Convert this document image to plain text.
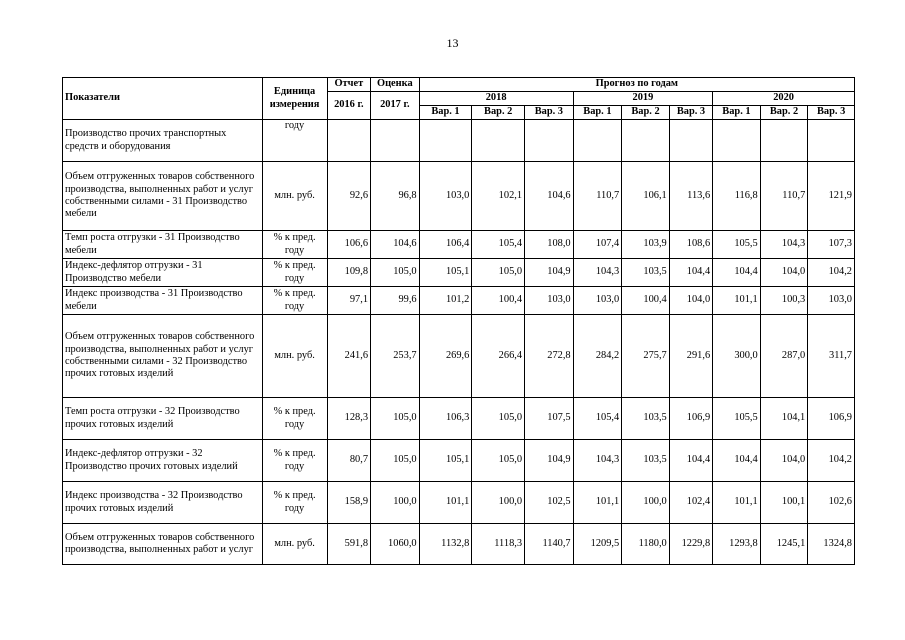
13
Показатели	Единица измерения	Отчет	Оценка	Прогноз по годам								
		2016 г.	2017 г.	2018			2019			2020		
				Вар. 1	Вар. 2	Вар. 3	Вар. 1	Вар. 2	Вар. 3	Вар. 1	Вар. 2	Вар. 3
Производство прочих транспортных средств и оборудования	году											
Объем отгруженных товаров собственного производства, выполненных работ и услуг собственными силами - 31 Производство мебели	млн. руб.	92,6	96,8	103,0	102,1	104,6	110,7	106,1	113,6	116,8	110,7	121,9
Темп роста отгрузки - 31 Производство мебели	% к пред. году	106,6	104,6	106,4	105,4	108,0	107,4	103,9	108,6	105,5	104,3	107,3
Индекс-дефлятор отгрузки - 31 Производство мебели	% к пред. году	109,8	105,0	105,1	105,0	104,9	104,3	103,5	104,4	104,4	104,0	104,2
Индекс производства - 31 Производство мебели	% к пред. году	97,1	99,6	101,2	100,4	103,0	103,0	100,4	104,0	101,1	100,3	103,0
Объем отгруженных товаров собственного производства, выполненных работ и услуг собственными силами - 32 Производство прочих готовых изделий	млн. руб.	241,6	253,7	269,6	266,4	272,8	284,2	275,7	291,6	300,0	287,0	311,7
Темп роста отгрузки - 32 Производство прочих готовых изделий	% к пред. году	128,3	105,0	106,3	105,0	107,5	105,4	103,5	106,9	105,5	104,1	106,9
Индекс-дефлятор отгрузки - 32 Производство прочих готовых изделий	% к пред. году	80,7	105,0	105,1	105,0	104,9	104,3	103,5	104,4	104,4	104,0	104,2
Индекс производства - 32 Производство прочих готовых изделий	% к пред. году	158,9	100,0	101,1	100,0	102,5	101,1	100,0	102,4	101,1	100,1	102,6
Объем отгруженных товаров собственного производства, выполненных работ и услуг	млн. руб.	591,8	1060,0	1132,8	1118,3	1140,7	1209,5	1180,0	1229,8	1293,8	1245,1	1324,8
